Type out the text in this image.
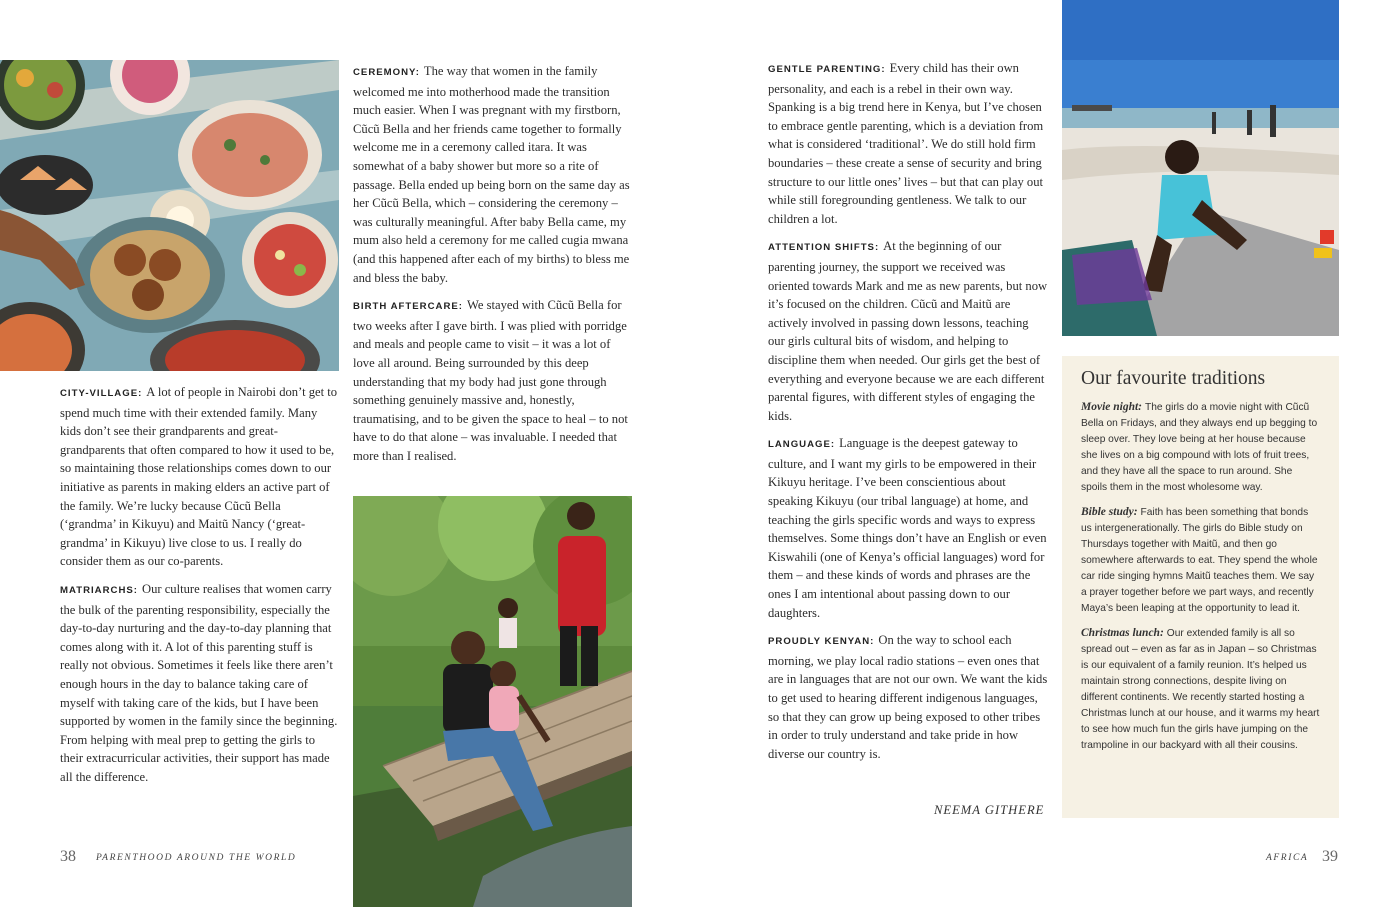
CITY-VILLAGE: A lot of people in Nairobi don’t get to spend much time with their extended family. Many kids don’t see their grandparents and great-grandparents that often compared to how it used to be, so maintaining those relationships comes down to our initiative as parents in making elders an active part of the family. We’re lucky because Cũcũ Bella (‘grandma’ in Kikuyu) and Maitũ Nancy (‘great-grandma’ in Kikuyu) live close to us. I really do consider them as our co-parents.

MATRIARCHS: Our culture realises that women carry the bulk of the parenting responsibility, especially the day-to-day nurturing and the day-to-day planning that comes along with it. A lot of this parenting stuff is really not obvious. Sometimes it feels like there aren’t enough hours in the day to balance taking care of myself with taking care of the kids, but I have been supported by women in the family since the beginning. From helping with meal prep to getting the girls to their extracurricular activities, their support has made all the difference.

CEREMONY: The way that women in the family welcomed me into motherhood made the transition much easier. When I was pregnant with my firstborn, Cũcũ Bella and her friends came together to formally welcome me in a ceremony called itara. It was somewhat of a baby shower but more so a rite of passage. Bella ended up being born on the same day as her Cũcũ Bella, which – considering the ceremony – was culturally meaningful. After baby Bella came, my mum also held a ceremony for me called cugia mwana (and this happened after each of my births) to bless me and bless the baby.

BIRTH AFTERCARE: We stayed with Cũcũ Bella for two weeks after I gave birth. I was plied with porridge and meals and people came to visit – it was a lot of love all around. Being surrounded by this deep understanding that my body had just gone through something genuinely massive and, honestly, traumatising, and to be given the space to heal – to not have to do that alone – was invaluable. I needed that more than I realised.

38 PARENTHOOD AROUND THE WORLD

GENTLE PARENTING: Every child has their own personality, and each is a rebel in their own way. Spanking is a big trend here in Kenya, but I’ve chosen to embrace gentle parenting, which is a deviation from what is considered ‘traditional’. We do still hold firm boundaries – these create a sense of security and bring structure to our little ones’ lives – but that can play out while still foregrounding gentleness. We talk to our children a lot.

ATTENTION SHIFTS: At the beginning of our parenting journey, the support we received was oriented towards Mark and me as new parents, but now it’s focused on the children. Cũcũ and Maitũ are actively involved in passing down lessons, teaching our girls cultural bits of wisdom, and helping to discipline them when needed. Our girls get the best of everything and everyone because we are each different parental figures, with different styles of engaging the kids.

LANGUAGE: Language is the deepest gateway to culture, and I want my girls to be empowered in their Kikuyu heritage. I’ve been conscientious about speaking Kikuyu (our tribal language) at home, and teaching the girls specific words and ways to express themselves. Some things don’t have an English or even Kiswahili (one of Kenya’s official languages) word for them – and these kinds of words and phrases are the ones I am intentional about passing down to our daughters.

PROUDLY KENYAN: On the way to school each morning, we play local radio stations – even ones that are in languages that are not our own. We want the kids to get used to hearing different indigenous languages, so that they can grow up being exposed to other tribes in order to truly understand and take pride in how diverse our country is.

NEEMA GITHERE
Our favourite traditions

Movie night: The girls do a movie night with Cũcũ Bella on Fridays, and they always end up begging to sleep over. They love being at her house because she lives on a big compound with lots of fruit trees, and they have all the space to run around. She spoils them in the most wholesome way.

Bible study: Faith has been something that bonds us intergenerationally. The girls do Bible study on Thursdays together with Maitũ, and then go somewhere afterwards to eat. They spend the whole car ride singing hymns Maitũ teaches them. We say a prayer together before we part ways, and recently Maya’s been leaping at the opportunity to lead it.

Christmas lunch: Our extended family is all so spread out – even as far as in Japan – so Christmas is our equivalent of a family reunion. It’s helped us maintain strong connections, despite living on different continents. We recently started hosting a Christmas lunch at our house, and it warms my heart to see how much fun the girls have jumping on the trampoline in our backyard with all their cousins.

AFRICA 39
